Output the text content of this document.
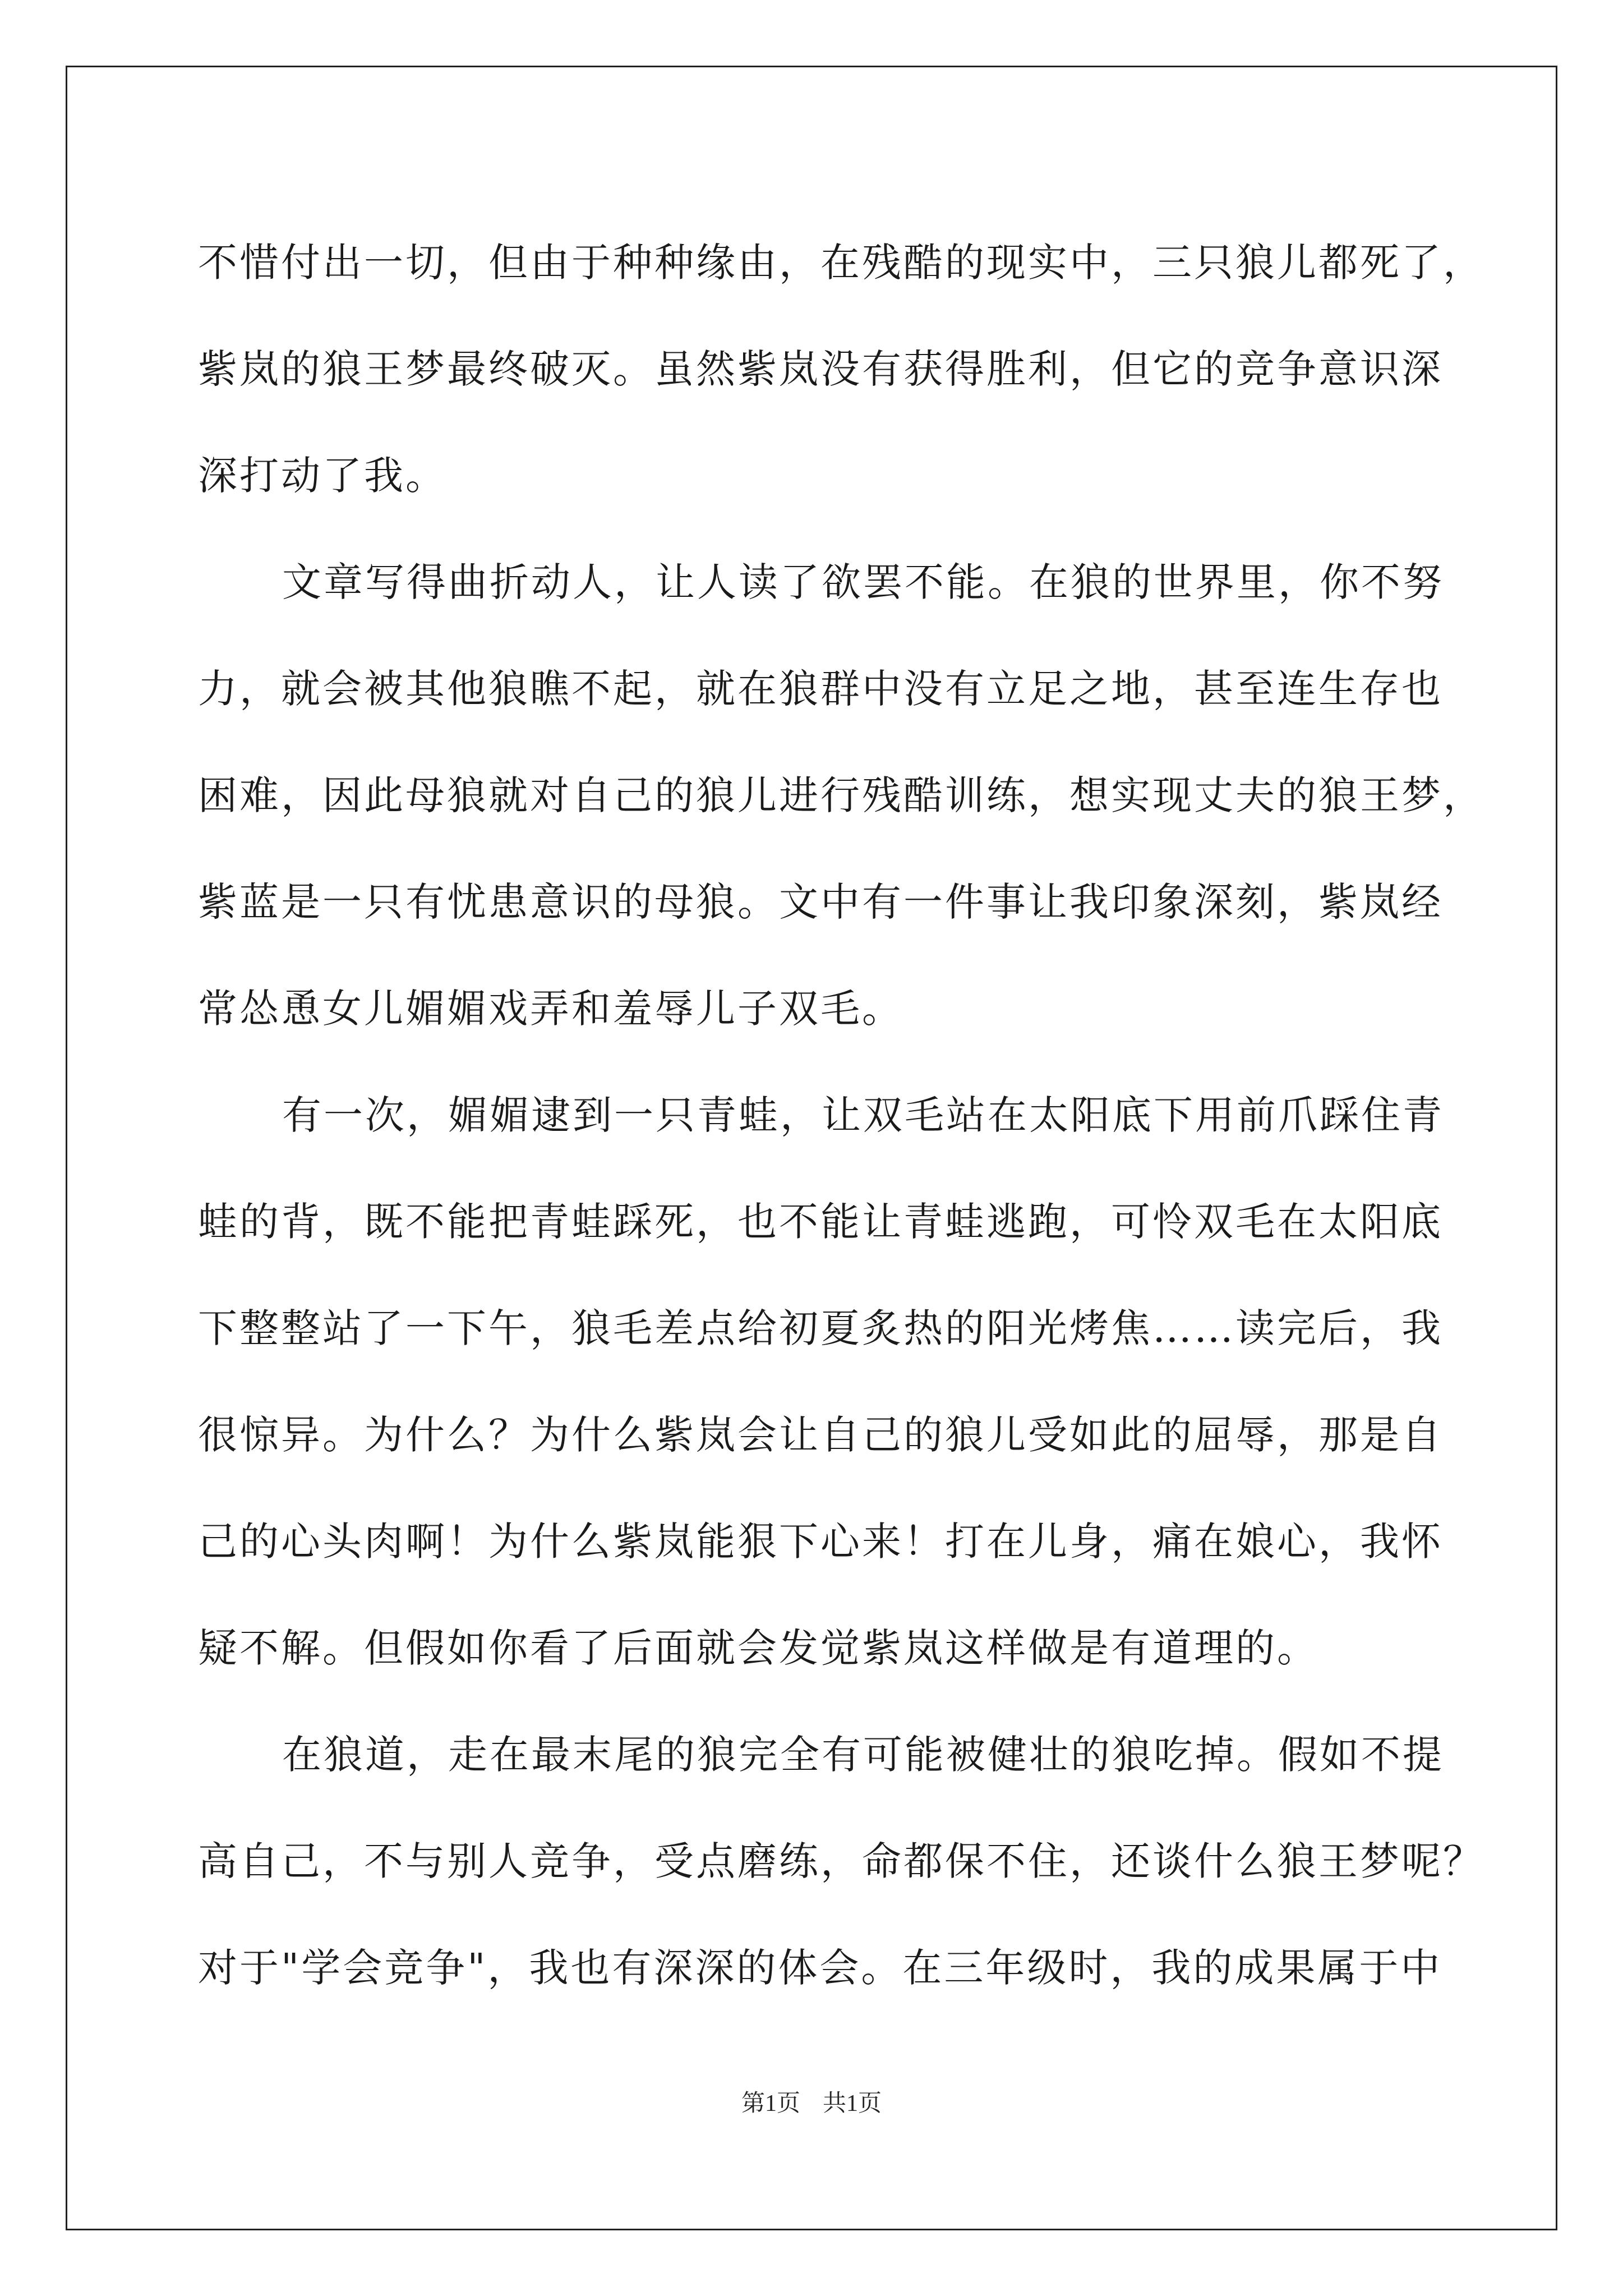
不惜付出一切，但由于种种缘由，在残酷的现实中，三只狼儿都死了，
紫岚的狼王梦最终破灭。虽然紫岚没有获得胜利，但它的竞争意识深
深打动了我。
文章写得曲折动人，让人读了欲罢不能。在狼的世界里，你不努
力，就会被其他狼瞧不起，就在狼群中没有立足之地，甚至连生存也
困难，因此母狼就对自己的狼儿进行残酷训练，想实现丈夫的狼王梦，
紫蓝是一只有忧患意识的母狼。文中有一件事让我印象深刻，紫岚经
常怂恿女儿媚媚戏弄和羞辱儿子双毛。
有一次，媚媚逮到一只青蛙，让双毛站在太阳底下用前爪踩住青
蛙的背，既不能把青蛙踩死，也不能让青蛙逃跑，可怜双毛在太阳底
下整整站了一下午，狼毛差点给初夏炙热的阳光烤焦……读完后，我
很惊异。为什么？为什么紫岚会让自己的狼儿受如此的屈辱，那是自
己的心头肉啊！为什么紫岚能狠下心来！打在儿身，痛在娘心，我怀
疑不解。但假如你看了后面就会发觉紫岚这样做是有道理的。
在狼道，走在最末尾的狼完全有可能被健壮的狼吃掉。假如不提
高自己，不与别人竞争，受点磨练，命都保不住，还谈什么狼王梦呢？
对于"学会竞争"，我也有深深的体会。在三年级时，我的成果属于中
第1页 共1页
